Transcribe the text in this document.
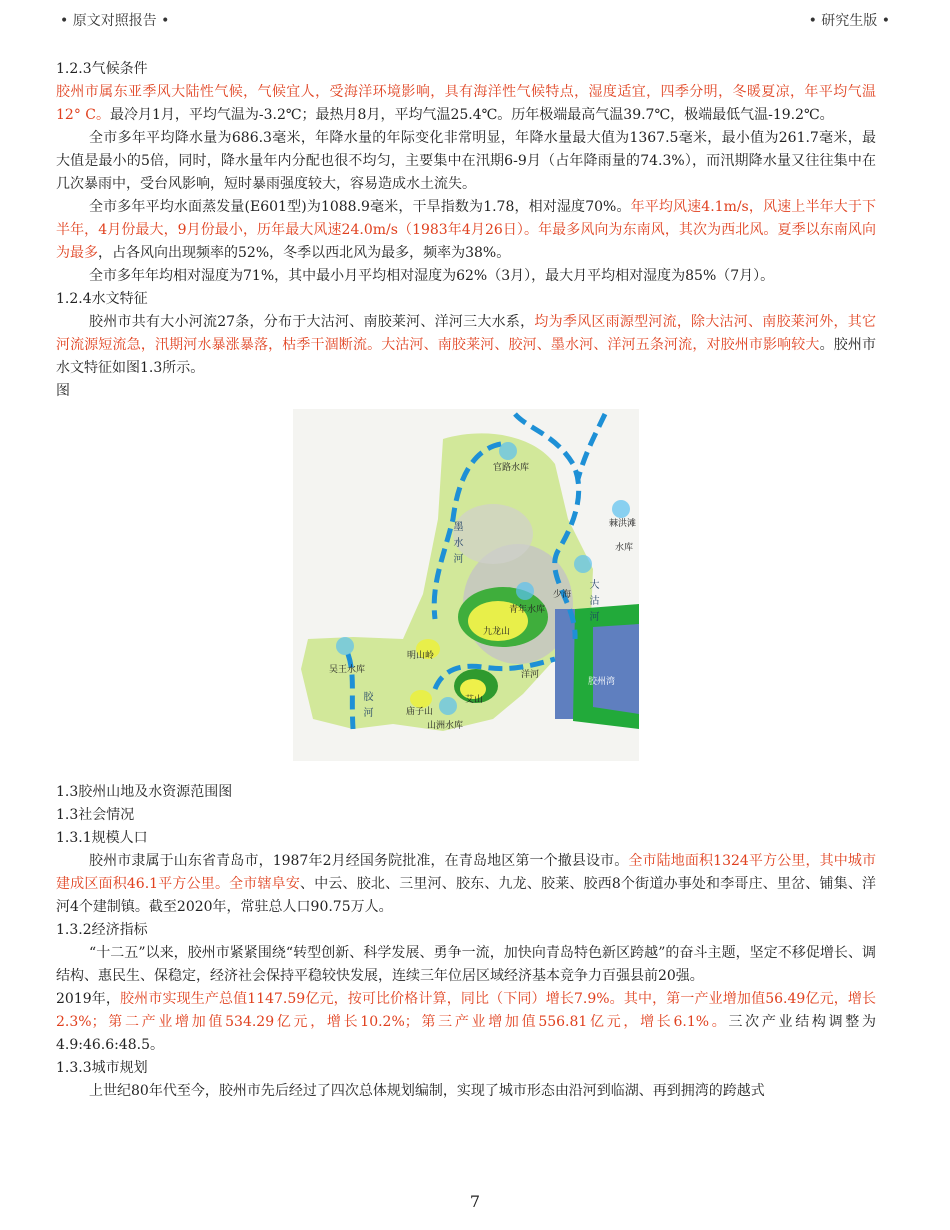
• 原文对照报告 •	• 研究生版 •

1.2.3气候条件

胶州市属东亚季风大陆性气候，气候宜人，受海洋环境影响，具有海洋性气候特点，湿度适宜，四季分明，冬暖夏凉，年平均气温12° C。最冷月1月，平均气温为-3.2℃；最热月8月，平均气温25.4℃。历年极端最高气温39.7℃，极端最低气温-19.2℃。

全市多年平均降水量为686.3毫米，年降水量的年际变化非常明显，年降水量最大值为1367.5毫米，最小值为261.7毫米，最大值是最小的5倍，同时，降水量年内分配也很不均匀，主要集中在汛期6-9月（占年降雨量的74.3%），而汛期降水量又往往集中在几次暴雨中，受台风影响，短时暴雨强度较大，容易造成水土流失。

全市多年平均水面蒸发量(E601型)为1088.9毫米，干旱指数为1.78，相对湿度70%。年平均风速4.1m/s，风速上半年大于下半年，4月份最大，9月份最小，历年最大风速24.0m/s（1983年4月26日）。年最多风向为东南风，其次为西北风。夏季以东南风向为最多，占各风向出现频率的52%，冬季以西北风为最多，频率为38%。

全市多年年均相对湿度为71%，其中最小月平均相对湿度为62%（3月），最大月平均相对湿度为85%（7月）。

1.2.4水文特征

胶州市共有大小河流27条，分布于大沽河、南胶莱河、洋河三大水系，均为季风区雨源型河流，除大沽河、南胶莱河外，其它河流源短流急，汛期河水暴涨暴落，枯季干涸断流。大沽河、南胶莱河、胶河、墨水河、洋河五条河流，对胶州市影响较大。胶州市水文特征如图1.3所示。

图

官路水库
棘洪滩
水库
少海
青年水库
九龙山
明山岭
吴王水库
艾山
庙子山
山洲水库
洋河
胶州湾
墨水河
大沽河
胶河

1.3胶州山地及水资源范围图

1.3社会情况

1.3.1规模人口

胶州市隶属于山东省青岛市，1987年2月经国务院批准，在青岛地区第一个撤县设市。全市陆地面积1324平方公里，其中城市建成区面积46.1平方公里。全市辖阜安、中云、胶北、三里河、胶东、九龙、胶莱、胶西8个街道办事处和李哥庄、里岔、铺集、洋河4个建制镇。截至2020年，常驻总人口90.75万人。

1.3.2经济指标

“十二五”以来，胶州市紧紧围绕“转型创新、科学发展、勇争一流，加快向青岛特色新区跨越”的奋斗主题，坚定不移促增长、调结构、惠民生、保稳定，经济社会保持平稳较快发展，连续三年位居区域经济基本竞争力百强县前20强。

2019年，胶州市实现生产总值1147.59亿元，按可比价格计算，同比（下同）增长7.9%。其中，第一产业增加值56.49亿元，增长2.3%；第二产业增加值534.29亿元，增长10.2%；第三产业增加值556.81亿元，增长6.1%。三次产业结构调整为4.9:46.6:48.5。

1.3.3城市规划

上世纪80年代至今，胶州市先后经过了四次总体规划编制，实现了城市形态由沿河到临湖、再到拥湾的跨越式

7
